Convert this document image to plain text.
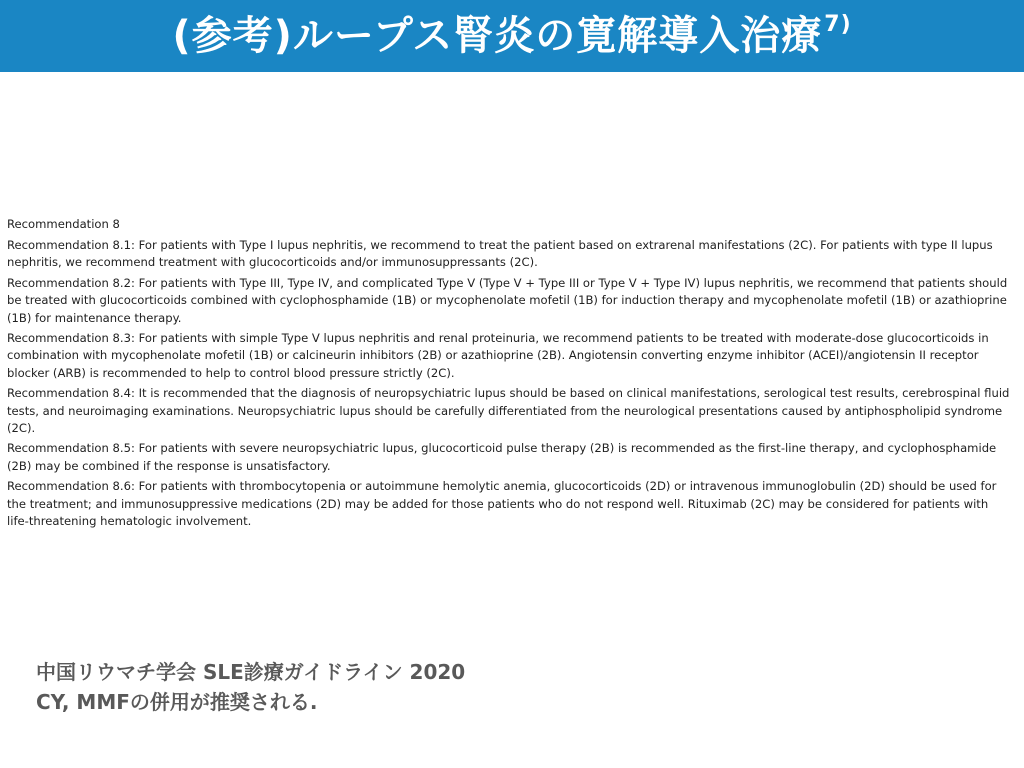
(参考)ループス腎炎の寛解導入治療$^{7)}$

Recommendation 8

Recommendation 8.1: For patients with Type I lupus nephritis, we recommend to treat the patient based on extrarenal manifestations (2C). For patients with type II lupus nephritis, we recommend treatment with glucocorticoids and/or immunosuppressants (2C).

Recommendation 8.2: For patients with Type III, Type IV, and complicated Type V (Type V + Type III or Type V + Type IV) lupus nephritis, we recommend that patients should be treated with glucocorticoids combined with cyclophosphamide (1B) or mycophenolate mofetil (1B) for induction therapy and mycophenolate mofetil (1B) or azathioprine (1B) for maintenance therapy.

Recommendation 8.3: For patients with simple Type V lupus nephritis and renal proteinuria, we recommend patients to be treated with moderate-dose glucocorticoids in combination with mycophenolate mofetil (1B) or calcineurin inhibitors (2B) or azathioprine (2B). Angiotensin converting enzyme inhibitor (ACEI)/angiotensin II receptor blocker (ARB) is recommended to help to control blood pressure strictly (2C).

Recommendation 8.4: It is recommended that the diagnosis of neuropsychiatric lupus should be based on clinical manifestations, serological test results, cerebrospinal fluid tests, and neuroimaging examinations. Neuropsychiatric lupus should be carefully differentiated from the neurological presentations caused by antiphospholipid syndrome (2C).

Recommendation 8.5: For patients with severe neuropsychiatric lupus, glucocorticoid pulse therapy (2B) is recommended as the first-line therapy, and cyclophosphamide (2B) may be combined if the response is unsatisfactory.

Recommendation 8.6: For patients with thrombocytopenia or autoimmune hemolytic anemia, glucocorticoids (2D) or intravenous immunoglobulin (2D) should be used for the treatment; and immunosuppressive medications (2D) may be added for those patients who do not respond well. Rituximab (2C) may be considered for patients with life-threatening hematologic involvement.

中国リウマチ学会 SLE診療ガイドライン 2020
CY, MMFの併用が推奨される.
